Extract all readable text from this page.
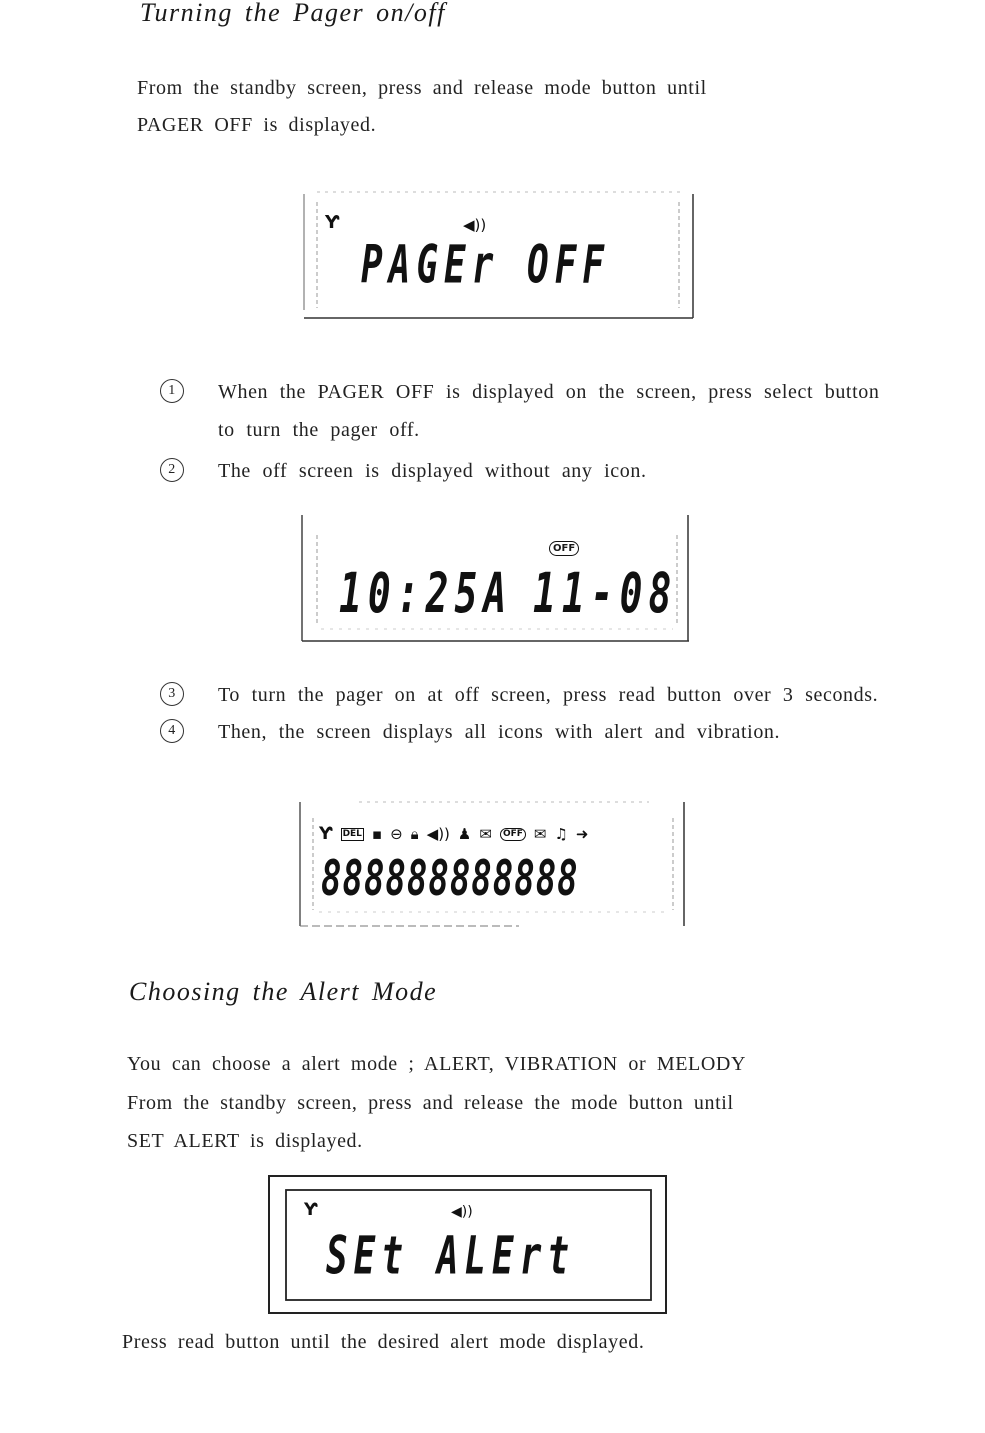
Turning the Pager on/off

From the standby screen, press and release mode button until

PAGER OFF is displayed.

Ƴ	◀))
PAGEr OFF
1	When the PAGER OFF is displayed on the screen, press select button
to turn the pager off.
2	The off screen is displayed without any icon.
OFF
10:25A 11-08
3	To turn the pager on at off screen, press read button over 3 seconds.
4	Then, the screen displays all icons with alert and vibration.
Ƴ DEL ▪ ⊖ 🔒︎ ◀)) ♟ ✉	OFF ✉ ♫ ➜
888888888888
Choosing the Alert Mode

You can choose a alert mode ; ALERT, VIBRATION or MELODY

From the standby screen, press and release the mode button until

SET ALERT is displayed.

Ƴ	◀))
SEt ALErt

Press read button until the desired alert mode displayed.
